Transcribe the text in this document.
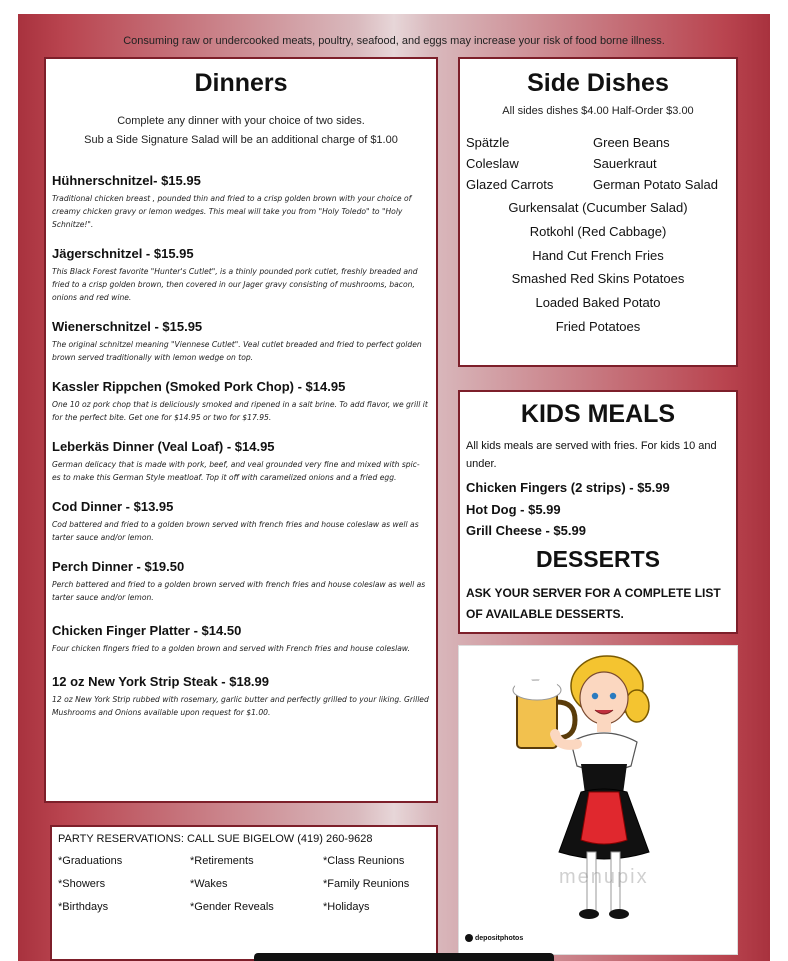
Consuming raw or undercooked meats, poultry, seafood, and eggs may increase your risk of food borne illness.
Dinners
Complete any dinner with your choice of two sides.
Sub a Side Signature Salad will be an additional charge of $1.00
Hühnerschnitzel- $15.95
Traditional chicken breast , pounded thin and fried to a crisp golden brown with your choice of creamy chicken gravy or lemon wedges. This meal will take you from "Holy Toledo" to "Holy Schnitze!".
Jägerschnitzel - $15.95
This Black Forest favorite "Hunter's Cutlet", is a thinly pounded pork cutlet, freshly breaded and fried to a crisp golden brown, then covered in our Jager gravy consisting of mushrooms, bacon, onions and red wine.
Wienerschnitzel - $15.95
The original schnitzel meaning "Viennese Cutlet". Veal cutlet breaded and fried to perfect golden brown served traditionally with lemon wedge on top.
Kassler Rippchen (Smoked Pork Chop) - $14.95
One 10 oz pork chop that is deliciously smoked and ripened in a salt brine. To add flavor, we grill it for the perfect bite. Get one for $14.95 or two for $17.95.
Leberkäs Dinner (Veal Loaf) - $14.95
German delicacy that is made with pork, beef, and veal grounded very fine and mixed with spic- es to make this German Style meatloaf. Top it off with caramelized onions and a fried egg.
Cod Dinner - $13.95
Cod battered and fried to a golden brown served with french fries and house coleslaw as well as tarter sauce and/or lemon.
Perch Dinner - $19.50
Perch battered and fried to a golden brown served with french fries and house coleslaw as well as tarter sauce and/or lemon.
Chicken Finger Platter - $14.50
Four chicken fingers fried to a golden brown and served with French fries and house coleslaw.
12 oz New York Strip Steak - $18.99
12 oz New York Strip rubbed with rosemary, garlic butter and perfectly grilled to your liking. Grilled Mushrooms and Onions available upon request for $1.00.
Side Dishes
All sides dishes $4.00 Half-Order $3.00
Spätzle	Green Beans
Coleslaw	Sauerkraut
Glazed Carrots	German Potato Salad
Gurkensalat (Cucumber Salad)
Rotkohl (Red Cabbage)
Hand Cut French Fries
Smashed Red Skins Potatoes
Loaded Baked Potato
Fried Potatoes
KIDS MEALS
All kids meals are served with fries. For kids 10 and under.
Chicken Fingers (2 strips) - $5.99
Hot Dog - $5.99
Grill Cheese - $5.99
DESSERTS
ASK YOUR SERVER FOR A COMPLETE LIST OF AVAILABLE DESSERTS.
menupix
depositphotos
PARTY RESERVATIONS: CALL SUE BIGELOW (419) 260-9628
*Graduations	*Retirements	*Class Reunions
*Showers	*Wakes	*Family Reunions
*Birthdays	*Gender Reveals	*Holidays
